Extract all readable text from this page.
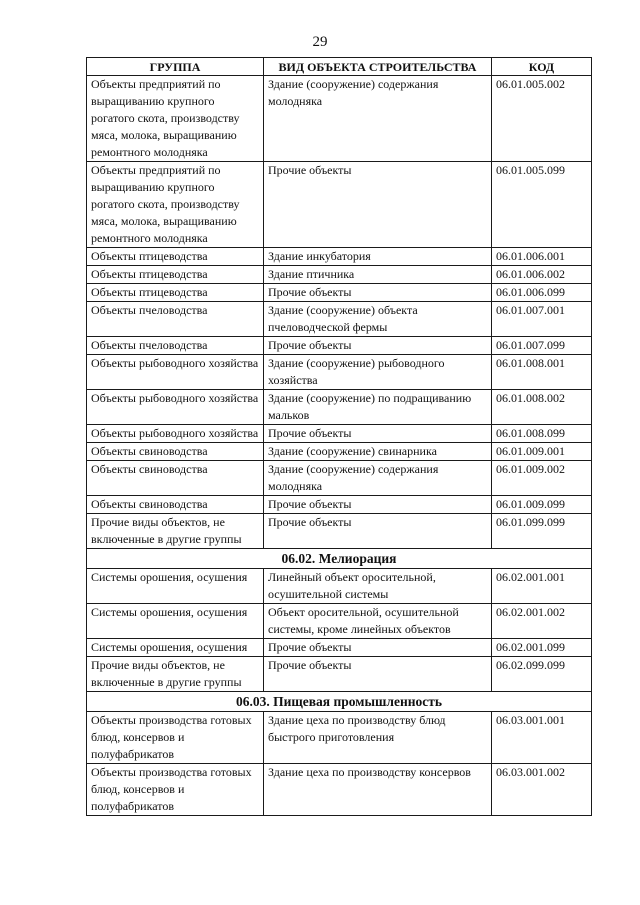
29
ГРУППА	ВИД ОБЪЕКТА СТРОИТЕЛЬСТВА	КОД
Объекты предприятий по выращиванию крупного рогатого скота, производству мяса, молока, выращиванию ремонтного молодняка	Здание (сооружение) содержания молодняка	06.01.005.002
Объекты предприятий по выращиванию крупного рогатого скота, производству мяса, молока, выращиванию ремонтного молодняка	Прочие объекты	06.01.005.099
Объекты птицеводства	Здание инкубатория	06.01.006.001
Объекты птицеводства	Здание птичника	06.01.006.002
Объекты птицеводства	Прочие объекты	06.01.006.099
Объекты пчеловодства	Здание (сооружение) объекта пчеловодческой фермы	06.01.007.001
Объекты пчеловодства	Прочие объекты	06.01.007.099
Объекты рыбоводного хозяйства	Здание (сооружение) рыбоводного хозяйства	06.01.008.001
Объекты рыбоводного хозяйства	Здание (сооружение) по подращиванию мальков	06.01.008.002
Объекты рыбоводного хозяйства	Прочие объекты	06.01.008.099
Объекты свиноводства	Здание (сооружение) свинарника	06.01.009.001
Объекты свиноводства	Здание (сооружение) содержания молодняка	06.01.009.002
Объекты свиноводства	Прочие объекты	06.01.009.099
Прочие виды объектов, не включенные в другие группы	Прочие объекты	06.01.099.099
06.02. Мелиорация		
Системы орошения, осушения	Линейный объект оросительной, осушительной системы	06.02.001.001
Системы орошения, осушения	Объект оросительной, осушительной системы, кроме линейных объектов	06.02.001.002
Системы орошения, осушения	Прочие объекты	06.02.001.099
Прочие виды объектов, не включенные в другие группы	Прочие объекты	06.02.099.099
06.03. Пищевая промышленность		
Объекты производства готовых блюд, консервов и полуфабрикатов	Здание цеха по производству блюд быстрого приготовления	06.03.001.001
Объекты производства готовых блюд, консервов и полуфабрикатов	Здание цеха по производству консервов	06.03.001.002
